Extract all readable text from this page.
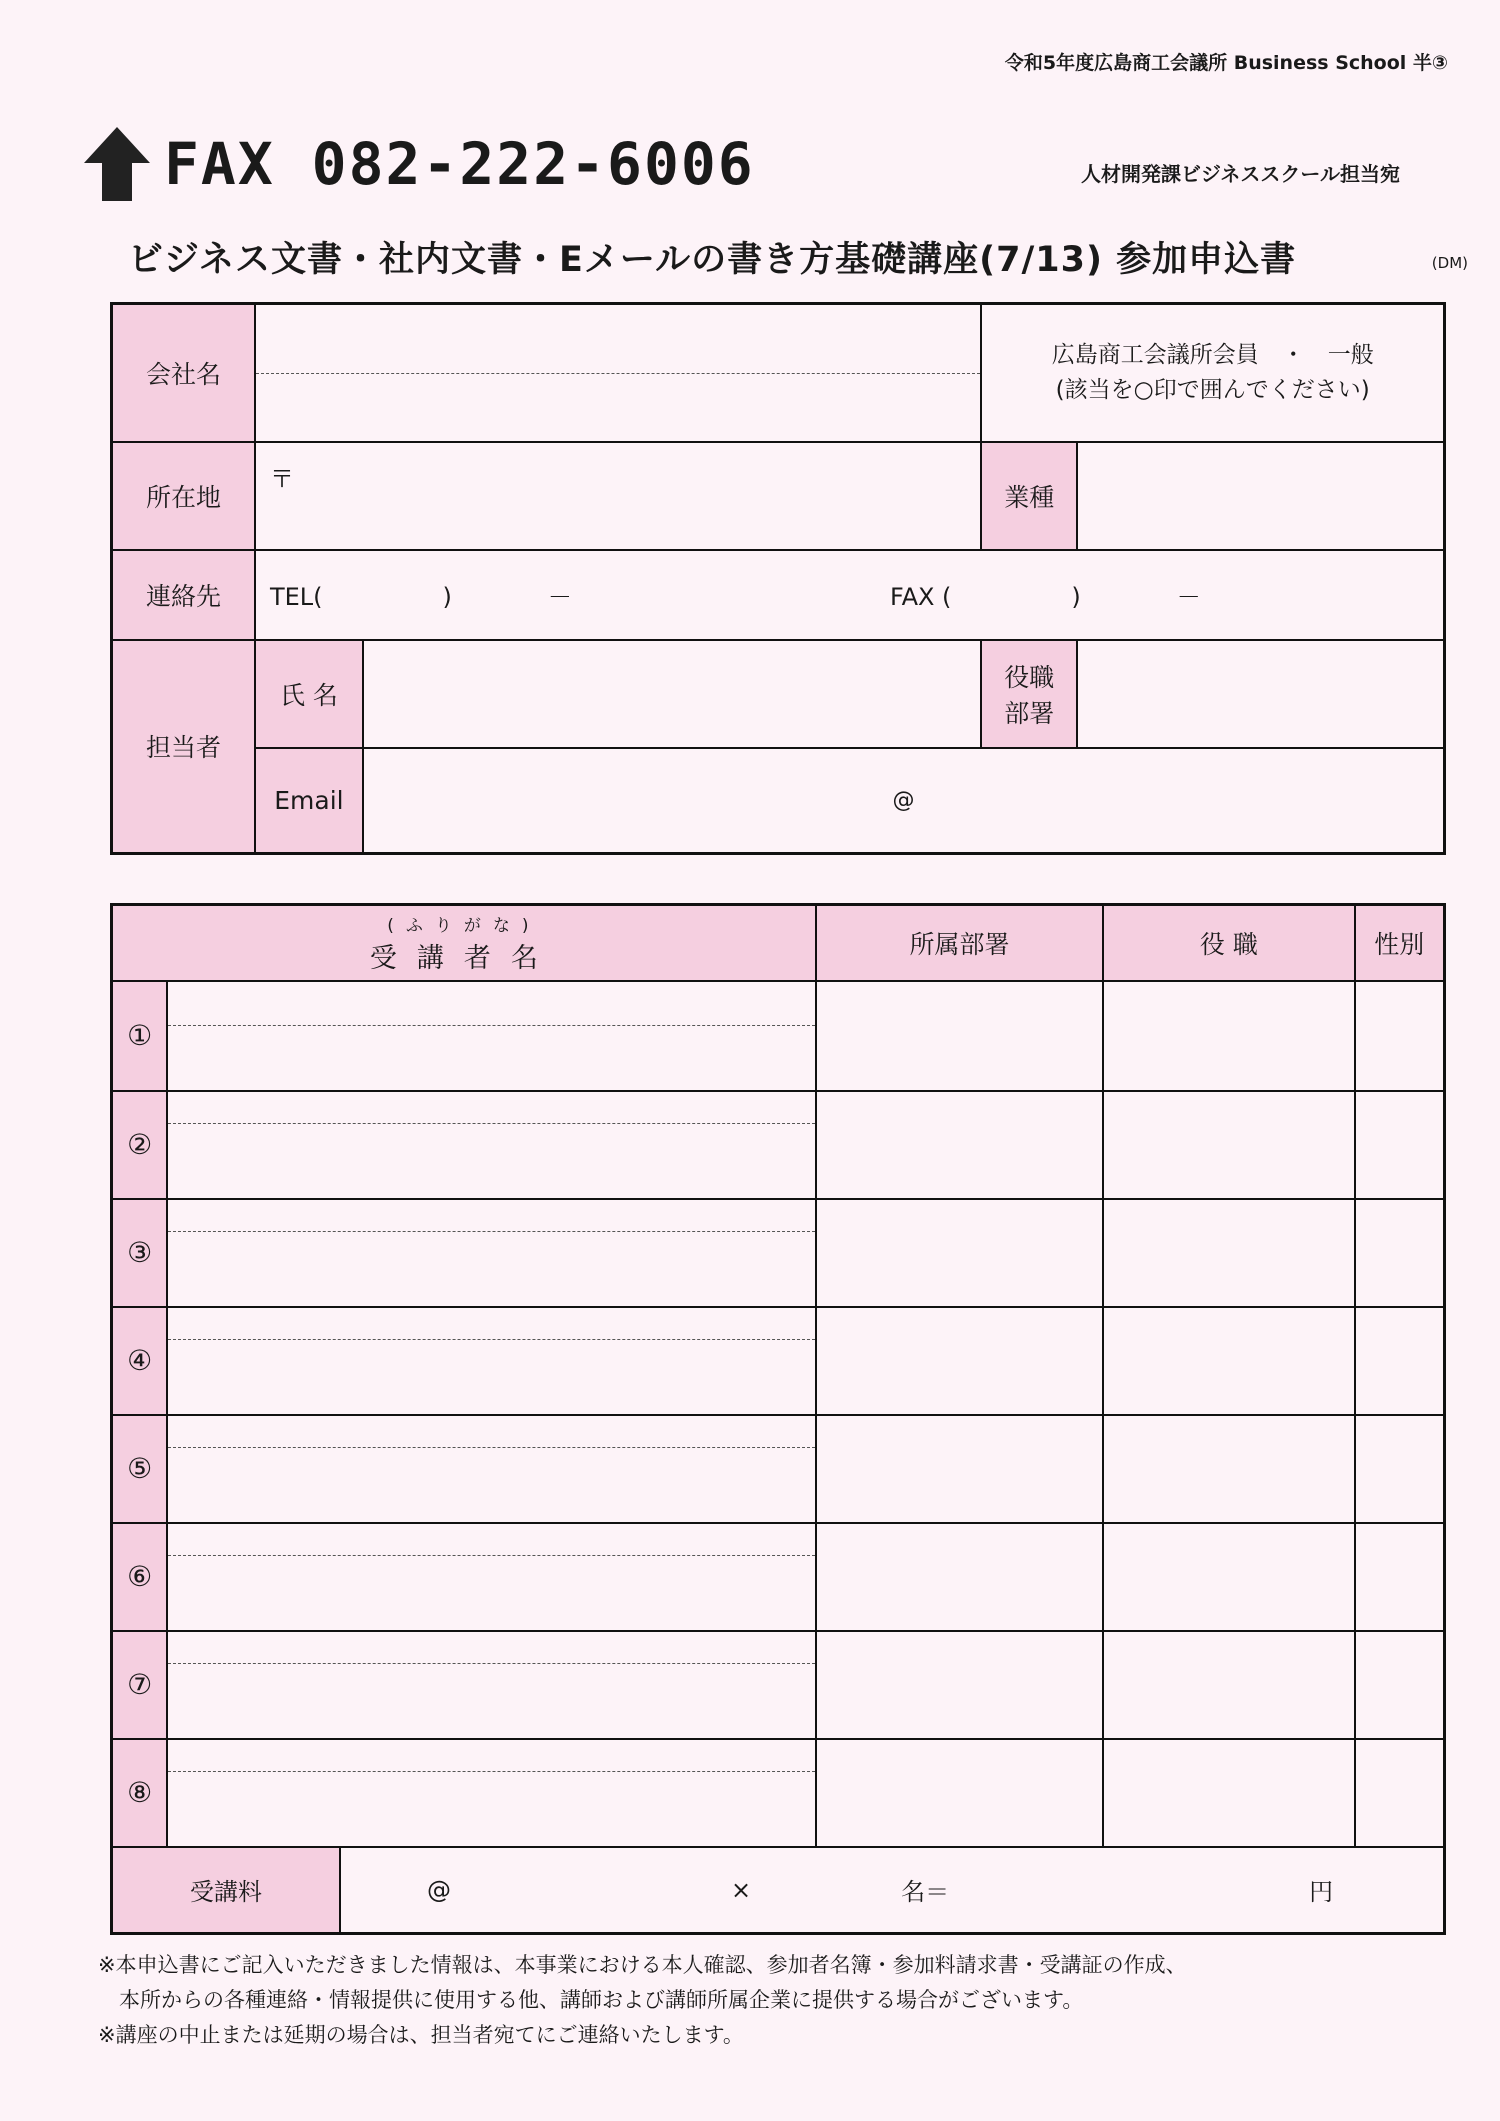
令和5年度広島商工会議所 Business School 半③
FAX 082-222-6006	人材開発課ビジネススクール担当宛
ビジネス文書・社内文書・Eメールの書き方基礎講座(7/13) 参加申込書	(DM)
会社名			広島商工会議所会員　・　一般
(該当を○印で囲んでください)	

所在地	〒		業種	
連絡先	TEL(　　　　　)　　　　－ FAX (　　　　　)　　　　－			
担当者	氏 名		役職
部署	

	Email	@		
(ふりがな)
受講者名		所属部署	役 職	性別
①	

②	

③	

④	

⑤	

⑥	

⑦	

⑧	

受講料 @ × 名＝ 円				
※本申込書にご記入いただきました情報は、本事業における本人確認、参加者名簿・参加料請求書・受講証の作成、
　本所からの各種連絡・情報提供に使用する他、講師および講師所属企業に提供する場合がございます。
※講座の中止または延期の場合は、担当者宛てにご連絡いたします。
